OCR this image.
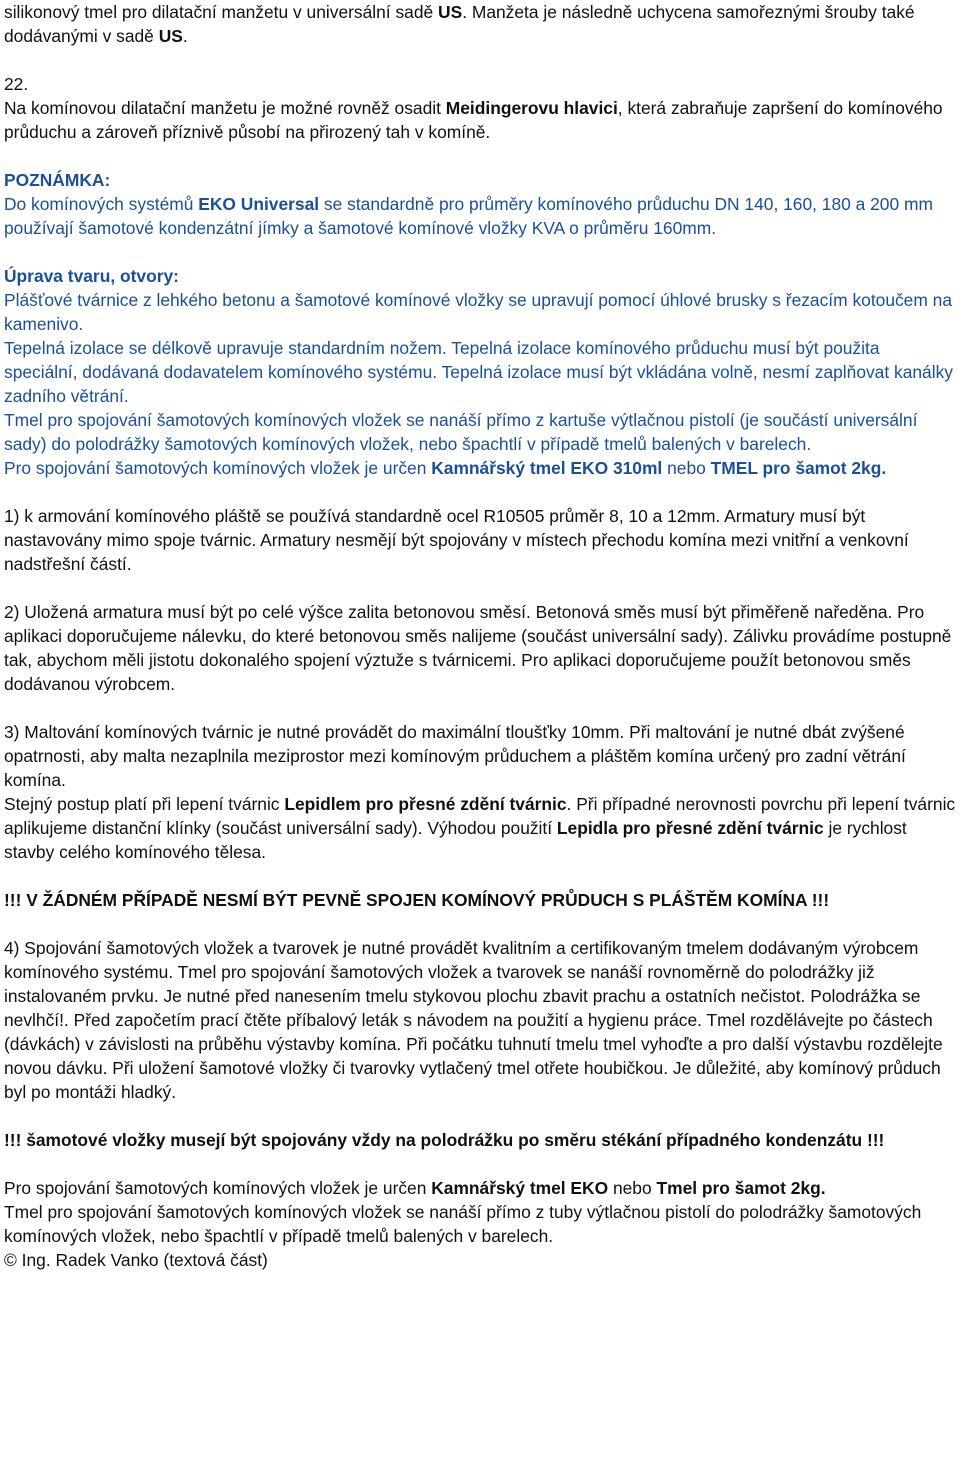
silikonový tmel pro dilatační manžetu v universální sadě US. Manžeta je následně uchycena samořeznými šrouby také dodávanými v sadě US.

22.

Na komínovou dilatační manžetu je možné rovněž osadit Meidingerovu hlavici, která zabraňuje zapršení do komínového průduchu a zároveň příznivě působí na přirozený tah v komíně.

POZNÁMKA:

Do komínových systémů EKO Universal se standardně pro průměry komínového průduchu DN 140, 160, 180 a 200 mm používají šamotové kondenzátní jímky a šamotové komínové vložky KVA o průměru 160mm.

Úprava tvaru, otvory:

Plášťové tvárnice z lehkého betonu a šamotové komínové vložky se upravují pomocí úhlové brusky s řezacím kotoučem na kamenivo.

Tepelná izolace se délkově upravuje standardním nožem. Tepelná izolace komínového průduchu musí být použita speciální, dodávaná dodavatelem komínového systému. Tepelná izolace musí být vkládána volně, nesmí zaplňovat kanálky zadního větrání.

Tmel pro spojování šamotových komínových vložek se nanáší přímo z kartuše výtlačnou pistolí (je součástí universální sady) do polodrážky šamotových komínových vložek, nebo špachtlí v případě tmelů balených v barelech.

Pro spojování šamotových komínových vložek je určen Kamnářský tmel EKO 310ml nebo TMEL pro šamot 2kg.

1) k armování komínového pláště se používá standardně ocel R10505 průměr 8, 10 a 12mm. Armatury musí být nastavovány mimo spoje tvárnic. Armatury nesmějí být spojovány v místech přechodu komína mezi vnitřní a venkovní nadstřešní částí.

2) Uložená armatura musí být po celé výšce zalita betonovou směsí. Betonová směs musí být přiměřeně naředěna. Pro aplikaci doporučujeme nálevku, do které betonovou směs nalijeme (součást universální sady). Zálivku provádíme postupně tak, abychom měli jistotu dokonalého spojení výztuže s tvárnicemi. Pro aplikaci doporučujeme použít betonovou směs dodávanou výrobcem.

3) Maltování komínových tvárnic je nutné provádět do maximální tloušťky 10mm. Při maltování je nutné dbát zvýšené opatrnosti, aby malta nezaplnila meziprostor mezi komínovým průduchem a pláštěm komína určený pro zadní větrání komína.

Stejný postup platí při lepení tvárnic Lepidlem pro přesné zdění tvárnic. Při případné nerovnosti povrchu při lepení tvárnic aplikujeme distanční klínky (součást universální sady). Výhodou použití Lepidla pro přesné zdění tvárnic je rychlost stavby celého komínového tělesa.

!!! V ŽÁDNÉM PŘÍPADĚ NESMÍ BÝT PEVNĚ SPOJEN KOMÍNOVÝ PRŮDUCH S PLÁŠTĚM KOMÍNA !!!

4) Spojování šamotových vložek a tvarovek je nutné provádět kvalitním a certifikovaným tmelem dodávaným výrobcem komínového systému. Tmel pro spojování šamotových vložek a tvarovek se nanáší rovnoměrně do polodrážky již instalovaném prvku. Je nutné před nanesením tmelu stykovou plochu zbavit prachu a ostatních nečistot. Polodrážka se nevlhčí!. Před započetím prací čtěte příbalový leták s návodem na použití a hygienu práce. Tmel rozdělávejte po částech (dávkách) v závislosti na průběhu výstavby komína. Při počátku tuhnutí tmelu tmel vyhoďte a pro další výstavbu rozdělejte novou dávku. Při uložení šamotové vložky či tvarovky vytlačený tmel otřete houbičkou. Je důležité, aby komínový průduch byl po montáži hladký.

!!! šamotové vložky musejí být spojovány vždy na polodrážku po směru stékání případného kondenzátu !!!

Pro spojování šamotových komínových vložek je určen Kamnářský tmel EKO nebo Tmel pro šamot 2kg.

Tmel pro spojování šamotových komínových vložek se nanáší přímo z tuby výtlačnou pistolí do polodrážky šamotových komínových vložek, nebo špachtlí v případě tmelů balených v barelech.

© Ing. Radek Vanko (textová část)
